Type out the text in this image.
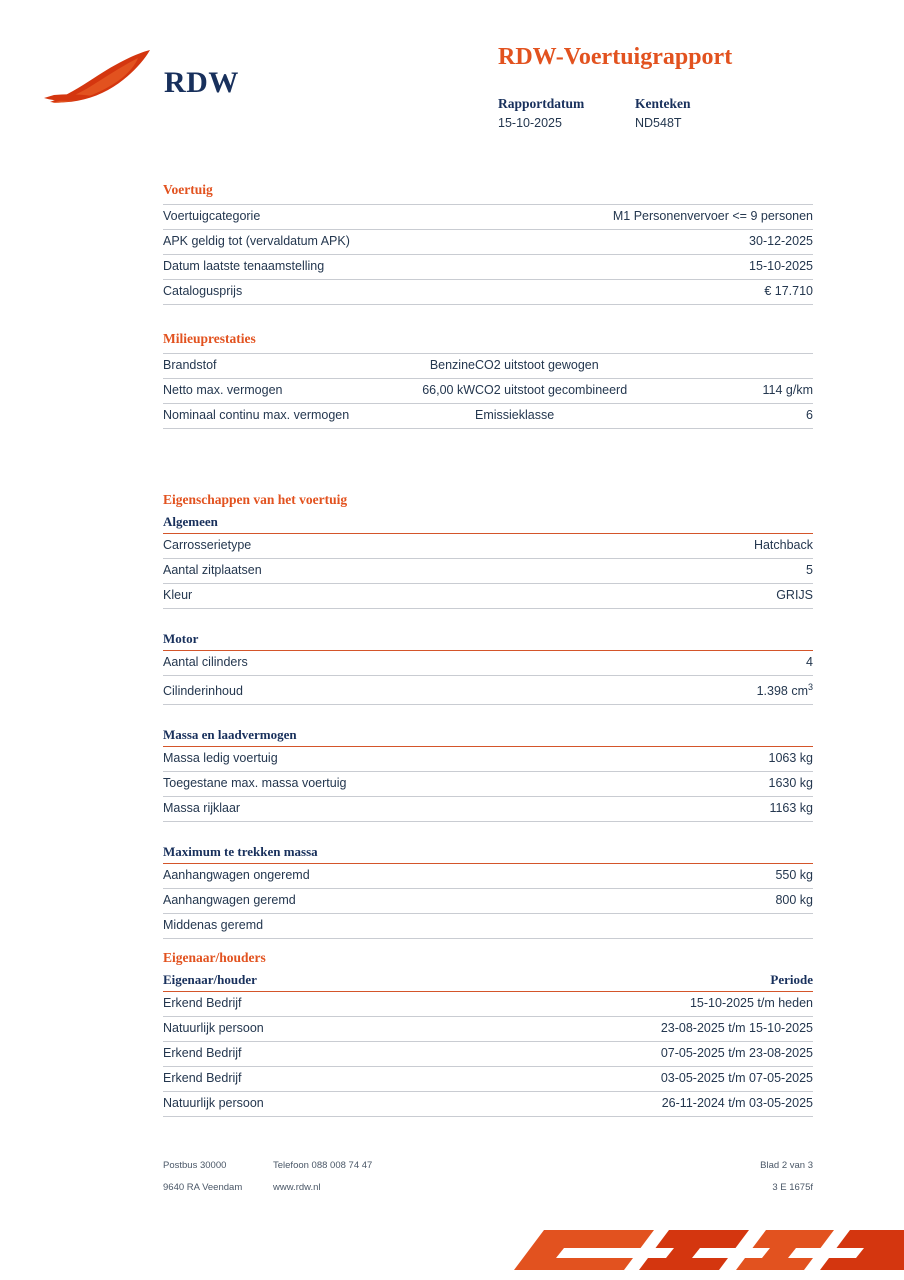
RDW
RDW-Voertuigrapport
Rapportdatum
15-10-2025
Kenteken
ND548T
Voertuig
Voertuigcategorie	M1 Personenvervoer <= 9 personen
APK geldig tot (vervaldatum APK)	30-12-2025
Datum laatste tenaamstelling	15-10-2025
Catalogusprijs	€ 17.710
Milieuprestaties
Brandstof	Benzine	CO2 uitstoot gewogen	
Netto max. vermogen	66,00 kW	CO2 uitstoot gecombineerd	114 g/km
Nominaal continu max. vermogen		Emissieklasse	6
Eigenschappen van het voertuig
Algemeen
Carrosserietype	Hatchback
Aantal zitplaatsen	5
Kleur	GRIJS
Motor
Aantal cilinders	4
Cilinderinhoud	1.398 $cm^3$
Massa en laadvermogen
Massa ledig voertuig	1063 kg
Toegestane max. massa voertuig	1630 kg
Massa rijklaar	1163 kg
Maximum te trekken massa
Aanhangwagen ongeremd	550 kg
Aanhangwagen geremd	800 kg
Middenas geremd	
Eigenaar/houders
Eigenaar/houder	Periode
Erkend Bedrijf	15-10-2025 t/m heden
Natuurlijk persoon	23-08-2025 t/m 15-10-2025
Erkend Bedrijf	07-05-2025 t/m 23-08-2025
Erkend Bedrijf	03-05-2025 t/m 07-05-2025
Natuurlijk persoon	26-11-2024 t/m 03-05-2025
Postbus 30000	Telefoon 088 008 74 47	Blad 2 van 3
9640 RA Veendam	www.rdw.nl	3 E 1675f
